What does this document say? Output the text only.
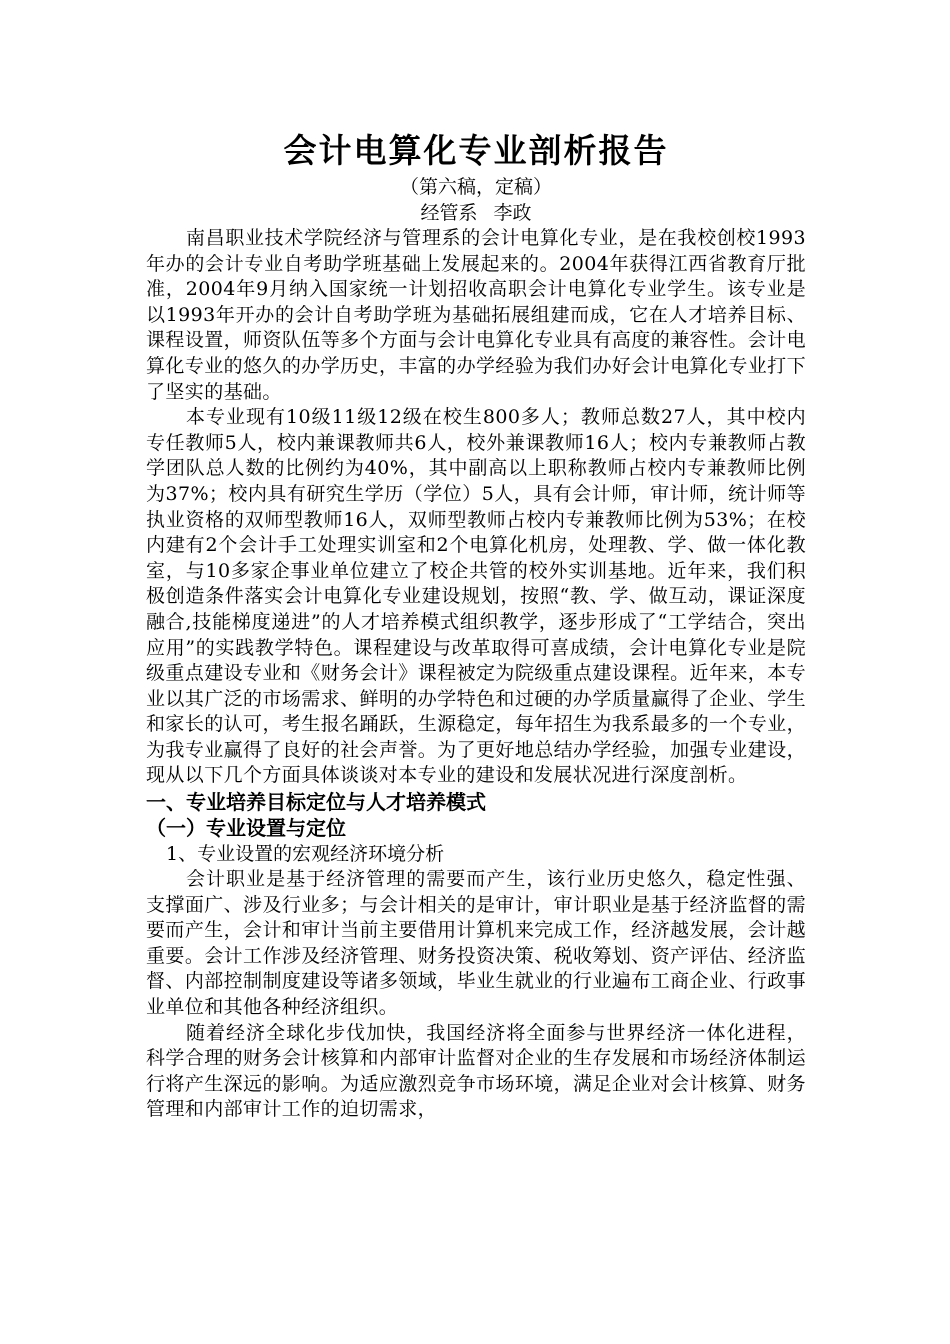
会计电算化专业剖析报告

（第六稿，定稿）

经管系 李政

南昌职业技术学院经济与管理系的会计电算化专业，是在我校创校1993年办的会计专业自考助学班基础上发展起来的。2004年获得江西省教育厅批准，2004年9月纳入国家统一计划招收高职会计电算化专业学生。该专业是以1993年开办的会计自考助学班为基础拓展组建而成，它在人才培养目标、课程设置，师资队伍等多个方面与会计电算化专业具有高度的兼容性。会计电算化专业的悠久的办学历史，丰富的办学经验为我们办好会计电算化专业打下了坚实的基础。

本专业现有10级11级12级在校生800多人；教师总数27人，其中校内专任教师5人，校内兼课教师共6人，校外兼课教师16人；校内专兼教师占教学团队总人数的比例约为40%，其中副高以上职称教师占校内专兼教师比例为37%；校内具有研究生学历（学位）5人，具有会计师，审计师，统计师等执业资格的双师型教师16人，双师型教师占校内专兼教师比例为53%；在校内建有2个会计手工处理实训室和2个电算化机房，处理教、学、做一体化教室，与10多家企事业单位建立了校企共管的校外实训基地。近年来，我们积极创造条件落实会计电算化专业建设规划，按照“教、学、做互动，课证深度融合,技能梯度递进”的人才培养模式组织教学，逐步形成了“工学结合，突出应用”的实践教学特色。课程建设与改革取得可喜成绩，会计电算化专业是院级重点建设专业和《财务会计》课程被定为院级重点建设课程。近年来，本专业以其广泛的市场需求、鲜明的办学特色和过硬的办学质量赢得了企业、学生和家长的认可，考生报名踊跃，生源稳定，每年招生为我系最多的一个专业，为我专业赢得了良好的社会声誉。为了更好地总结办学经验，加强专业建设，现从以下几个方面具体谈谈对本专业的建设和发展状况进行深度剖析。

一、专业培养目标定位与人才培养模式

（一）专业设置与定位

1、专业设置的宏观经济环境分析

会计职业是基于经济管理的需要而产生，该行业历史悠久，稳定性强、支撑面广、涉及行业多；与会计相关的是审计，审计职业是基于经济监督的需要而产生，会计和审计当前主要借用计算机来完成工作，经济越发展，会计越重要。会计工作涉及经济管理、财务投资决策、税收筹划、资产评估、经济监督、内部控制制度建设等诸多领域，毕业生就业的行业遍布工商企业、行政事业单位和其他各种经济组织。

随着经济全球化步伐加快，我国经济将全面参与世界经济一体化进程，科学合理的财务会计核算和内部审计监督对企业的生存发展和市场经济体制运行将产生深远的影响。为适应激烈竞争市场环境，满足企业对会计核算、财务管理和内部审计工作的迫切需求，
